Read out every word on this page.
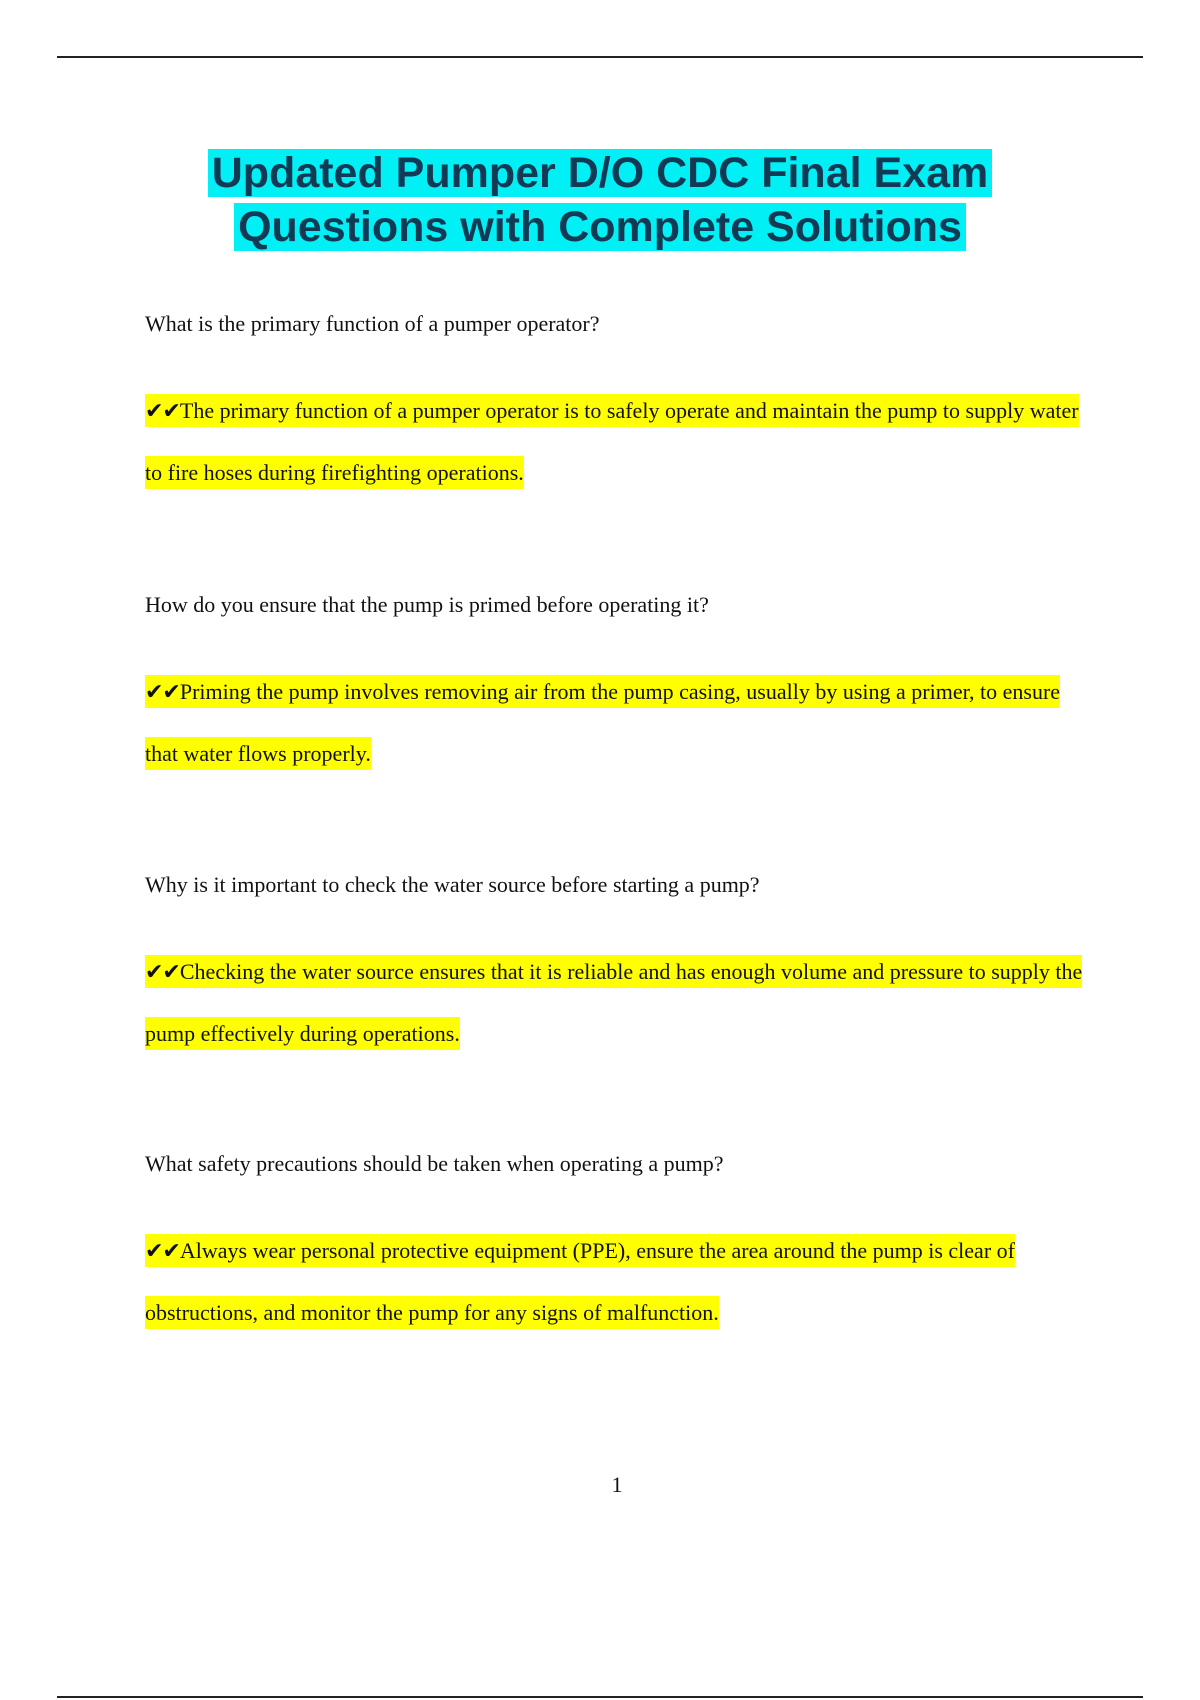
Updated Pumper D/O CDC Final Exam
Questions with Complete Solutions

What is the primary function of a pumper operator?

✔✔The primary function of a pumper operator is to safely operate and maintain the pump to supply water to fire hoses during firefighting operations.

How do you ensure that the pump is primed before operating it?

✔✔Priming the pump involves removing air from the pump casing, usually by using a primer, to ensure that water flows properly.

Why is it important to check the water source before starting a pump?

✔✔Checking the water source ensures that it is reliable and has enough volume and pressure to supply the pump effectively during operations.

What safety precautions should be taken when operating a pump?

✔✔Always wear personal protective equipment (PPE), ensure the area around the pump is clear of obstructions, and monitor the pump for any signs of malfunction.

1
